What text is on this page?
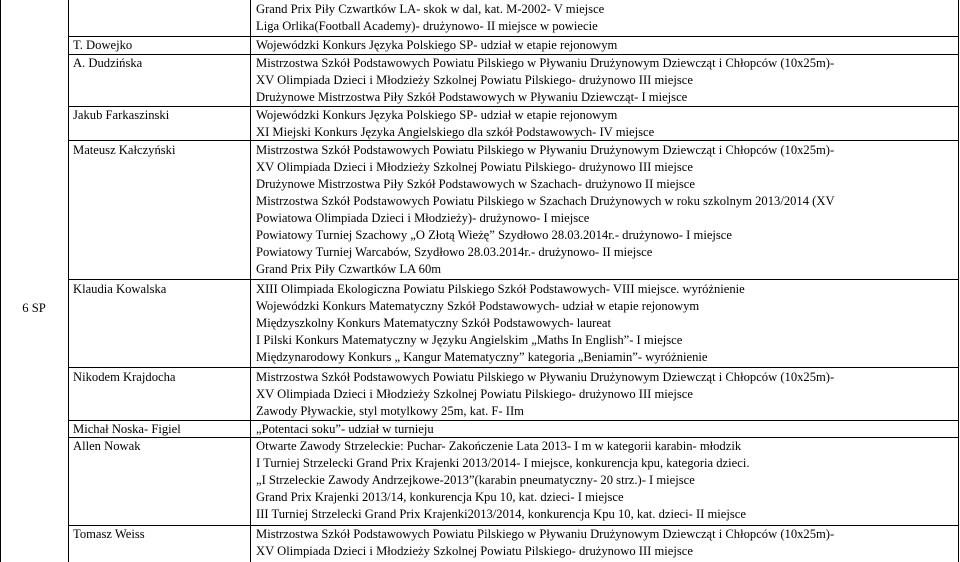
6 SP
T. Dowejko
A. Dudzińska
Jakub Farkaszinski
Mateusz Kałczyński
Klaudia Kowalska
Nikodem Krajdocha
Michał Noska- Figiel
Allen Nowak
Tomasz Weiss
Grand Prix Piły Czwartków LA- skok w dal, kat. M-2002- V miejsce
Liga Orlika(Football Academy)- drużynowo- II miejsce w powiecie
Wojewódzki Konkurs Języka Polskiego SP- udział w etapie rejonowym
Mistrzostwa Szkół Podstawowych Powiatu Pilskiego w Pływaniu Drużynowym Dziewcząt i Chłopców (10x25m)-
XV Olimpiada Dzieci i Młodzieży Szkolnej Powiatu Pilskiego- drużynowo III miejsce
Drużynowe Mistrzostwa Piły Szkół Podstawowych w Pływaniu Dziewcząt- I miejsce
Wojewódzki Konkurs Języka Polskiego SP- udział w etapie rejonowym
XI Miejski Konkurs Języka Angielskiego dla szkół Podstawowych- IV miejsce
Mistrzostwa Szkół Podstawowych Powiatu Pilskiego w Pływaniu Drużynowym Dziewcząt i Chłopców (10x25m)-
XV Olimpiada Dzieci i Młodzieży Szkolnej Powiatu Pilskiego- drużynowo III miejsce
Drużynowe Mistrzostwa Piły Szkół Podstawowych w Szachach- drużynowo II miejsce
Mistrzostwa Szkół Podstawowych Powiatu Pilskiego w Szachach Drużynowych w roku szkolnym 2013/2014 (XV
Powiatowa Olimpiada Dzieci i Młodzieży)- drużynowo- I miejsce
Powiatowy Turniej Szachowy „O Złotą Wieżę” Szydłowo 28.03.2014r.- drużynowo- I miejsce
Powiatowy Turniej Warcabów, Szydłowo 28.03.2014r.- drużynowo- II miejsce
Grand Prix Piły Czwartków LA 60m
XIII Olimpiada Ekologiczna Powiatu Pilskiego Szkół Podstawowych- VIII miejsce. wyróżnienie
Wojewódzki Konkurs Matematyczny Szkół Podstawowych- udział w etapie rejonowym
Międzyszkolny Konkurs Matematyczny Szkół Podstawowych- laureat
I Pilski Konkurs Matematyczny w Języku Angielskim „Maths In English”- I miejsce
Międzynarodowy Konkurs „ Kangur Matematyczny” kategoria „Beniamin”- wyróżnienie
Mistrzostwa Szkół Podstawowych Powiatu Pilskiego w Pływaniu Drużynowym Dziewcząt i Chłopców (10x25m)-
XV Olimpiada Dzieci i Młodzieży Szkolnej Powiatu Pilskiego- drużynowo III miejsce
Zawody Pływackie, styl motylkowy 25m, kat. F- IIm
„Potentaci soku”- udział w turnieju
Otwarte Zawody Strzeleckie: Puchar- Zakończenie Lata 2013- I m w kategorii karabin- młodzik
I Turniej Strzelecki Grand Prix Krajenki 2013/2014- I miejsce, konkurencja kpu, kategoria dzieci.
„I Strzeleckie Zawody Andrzejkowe-2013”(karabin pneumatyczny- 20 strz.)- I miejsce
Grand Prix Krajenki 2013/14, konkurencja Kpu 10, kat. dzieci- I miejsce
III Turniej Strzelecki Grand Prix Krajenki2013/2014, konkurencja Kpu 10, kat. dzieci- II miejsce
Mistrzostwa Szkół Podstawowych Powiatu Pilskiego w Pływaniu Drużynowym Dziewcząt i Chłopców (10x25m)-
XV Olimpiada Dzieci i Młodzieży Szkolnej Powiatu Pilskiego- drużynowo III miejsce
